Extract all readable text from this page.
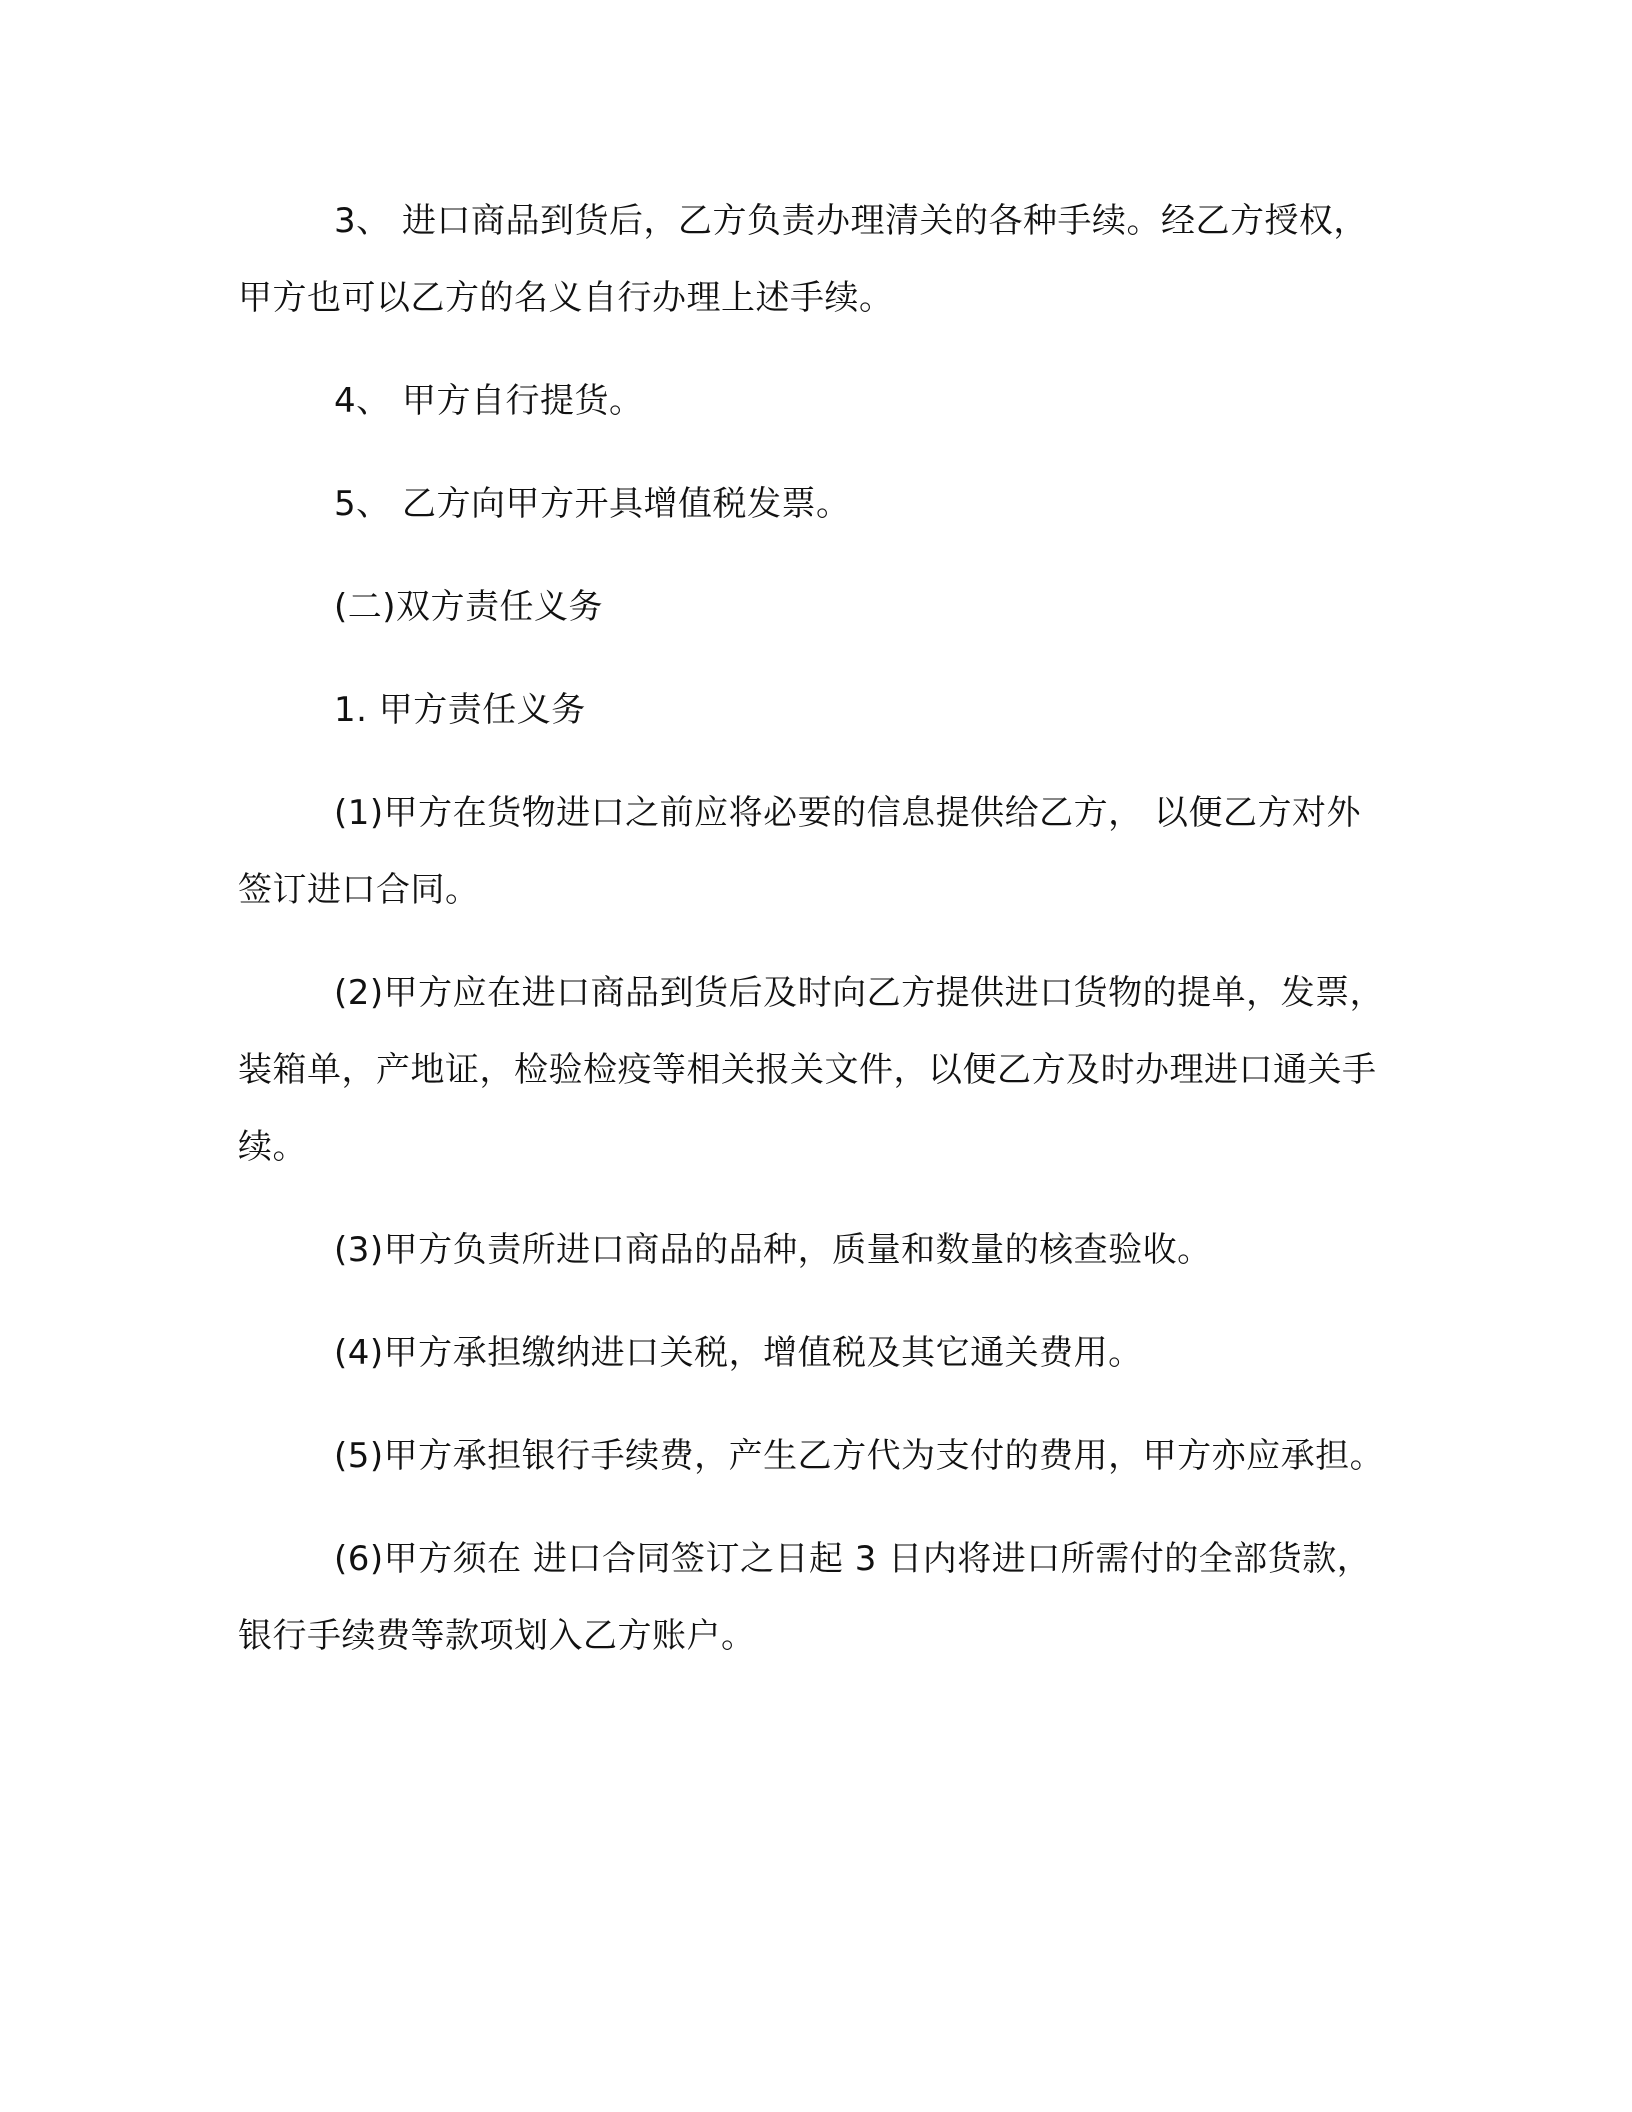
3、 进口商品到货后，乙方负责办理清关的各种手续。经乙方授权， 甲方也可以乙方的名义自行办理上述手续。

4、 甲方自行提货。

5、 乙方向甲方开具增值税发票。

(二)双方责任义务

1. 甲方责任义务

(1)甲方在货物进口之前应将必要的信息提供给乙方， 以便乙方对外签订进口合同。

(2)甲方应在进口商品到货后及时向乙方提供进口货物的提单，发票，装箱单，产地证，检验检疫等相关报关文件，以便乙方及时办理进口通关手续。

(3)甲方负责所进口商品的品种，质量和数量的核查验收。

(4)甲方承担缴纳进口关税，增值税及其它通关费用。

(5)甲方承担银行手续费，产生乙方代为支付的费用，甲方亦应承担。

(6)甲方须在 进口合同签订之日起 3 日内将进口所需付的全部货款，银行手续费等款项划入乙方账户。
